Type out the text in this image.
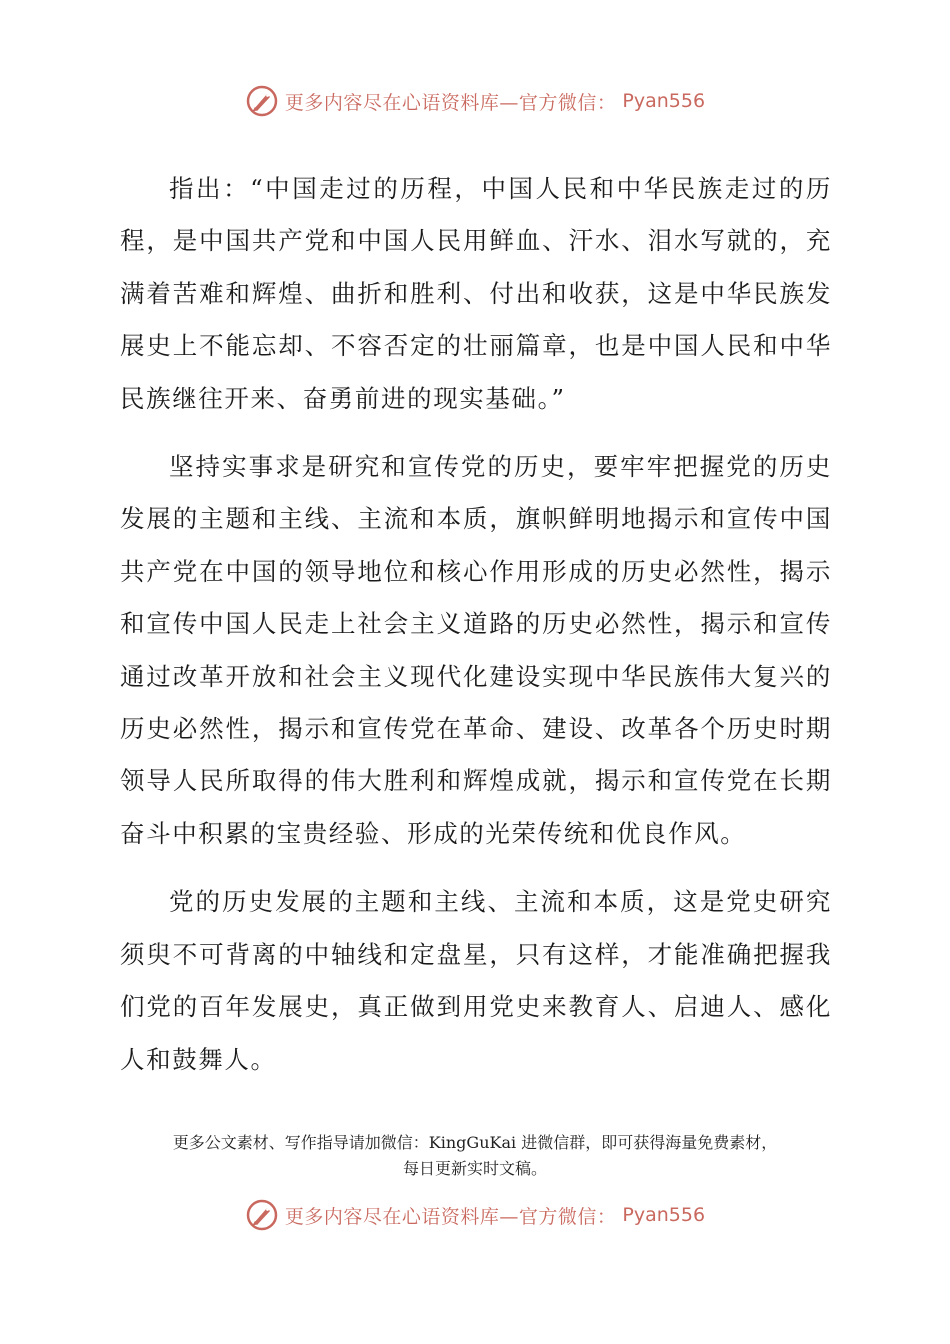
更多内容尽在心语资料库—官方微信： Pyan556

指出：“中国走过的历程，中国人民和中华民族走过的历程，是中国共产党和中国人民用鲜血、汗水、泪水写就的，充满着苦难和辉煌、曲折和胜利、付出和收获，这是中华民族发展史上不能忘却、不容否定的壮丽篇章，也是中国人民和中华民族继往开来、奋勇前进的现实基础。”

坚持实事求是研究和宣传党的历史，要牢牢把握党的历史发展的主题和主线、主流和本质，旗帜鲜明地揭示和宣传中国共产党在中国的领导地位和核心作用形成的历史必然性，揭示和宣传中国人民走上社会主义道路的历史必然性，揭示和宣传通过改革开放和社会主义现代化建设实现中华民族伟大复兴的历史必然性，揭示和宣传党在革命、建设、改革各个历史时期领导人民所取得的伟大胜利和辉煌成就，揭示和宣传党在长期奋斗中积累的宝贵经验、形成的光荣传统和优良作风。

党的历史发展的主题和主线、主流和本质，这是党史研究须臾不可背离的中轴线和定盘星，只有这样，才能准确把握我们党的百年发展史，真正做到用党史来教育人、启迪人、感化人和鼓舞人。

更多公文素材、写作指导请加微信：KingGuKai 进微信群，即可获得海量免费素材，
每日更新实时文稿。
更多内容尽在心语资料库—官方微信： Pyan556
